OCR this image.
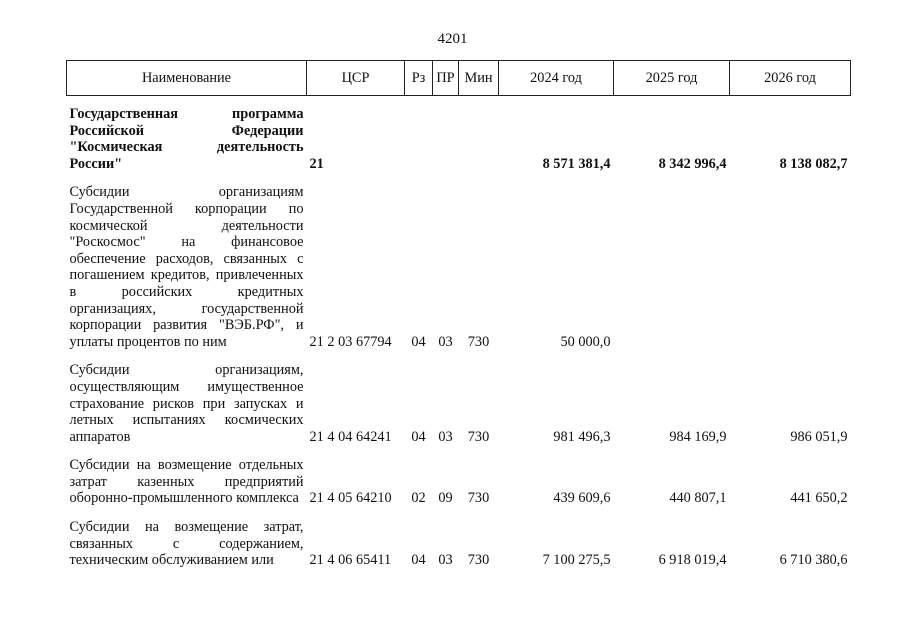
4201
Наименование	ЦСР	Рз	ПР	Мин	2024 год	2025 год	2026 год

Государственная программа Российской Федерации "Космическая деятельность России"	21				8 571 381,4	8 342 996,4	8 138 082,7

Субсидии организациям Государственной корпорации по космической деятельности "Роскосмос" на финансовое обеспечение расходов, связанных с погашением кредитов, привлеченных в российских кредитных организациях, государственной корпорации развития "ВЭБ.РФ", и уплаты процентов по ним	21 2 03 67794	04	03	730	50 000,0		

Субсидии организациям, осуществляющим имущественное страхование рисков при запусках и летных испытаниях космических аппаратов	21 4 04 64241	04	03	730	981 496,3	984 169,9	986 051,9

Субсидии на возмещение отдельных затрат казенных предприятий оборонно-промышленного комплекса	21 4 05 64210	02	09	730	439 609,6	440 807,1	441 650,2

Субсидии на возмещение затрат, связанных с содержанием, техническим обслуживанием или	21 4 06 65411	04	03	730	7 100 275,5	6 918 019,4	6 710 380,6
